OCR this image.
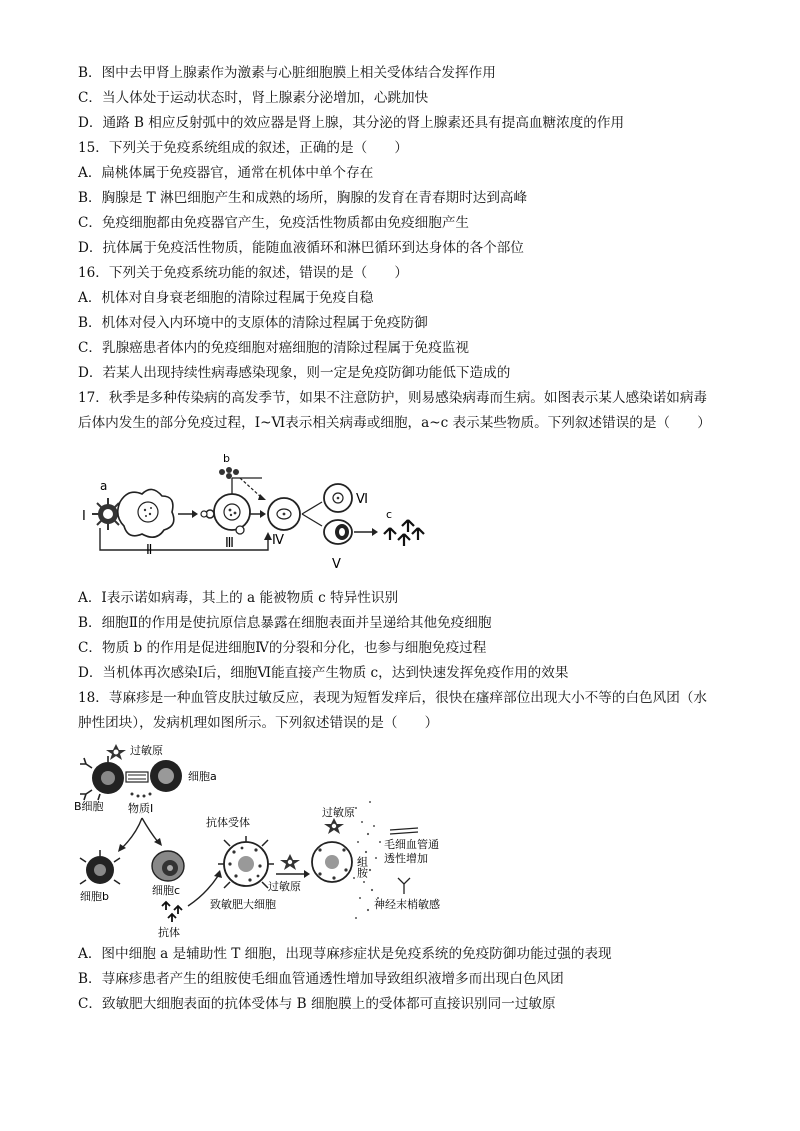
B．图中去甲肾上腺素作为激素与心脏细胞膜上相关受体结合发挥作用
C．当人体处于运动状态时，肾上腺素分泌增加，心跳加快
D．通路 B 相应反射弧中的效应器是肾上腺，其分泌的肾上腺素还具有提高血糖浓度的作用
15．下列关于免疫系统组成的叙述，正确的是（　　）
A．扁桃体属于免疫器官，通常在机体中单个存在
B．胸腺是 T 淋巴细胞产生和成熟的场所，胸腺的发育在青春期时达到高峰
C．免疫细胞都由免疫器官产生，免疫活性物质都由免疫细胞产生
D．抗体属于免疫活性物质，能随血液循环和淋巴循环到达身体的各个部位
16．下列关于免疫系统功能的叙述，错误的是（　　）
A．机体对自身衰老细胞的清除过程属于免疫自稳
B．机体对侵入内环境中的支原体的清除过程属于免疫防御
C．乳腺癌患者体内的免疫细胞对癌细胞的清除过程属于免疫监视
D．若某人出现持续性病毒感染现象，则一定是免疫防御功能低下造成的
17．秋季是多种传染病的高发季节，如果不注意防护，则易感染病毒而生病。如图表示某人感染诺如病毒
后体内发生的部分免疫过程，Ⅰ~Ⅵ表示相关病毒或细胞，a~c 表示某些物质。下列叙述错误的是（　　）
Ⅰ
a
Ⅲ
b
Ⅳ
Ⅱ
Ⅵ
Ⅴ
c
A．Ⅰ表示诺如病毒，其上的 a 能被物质 c 特异性识别
B．细胞Ⅱ的作用是使抗原信息暴露在细胞表面并呈递给其他免疫细胞
C．物质 b 的作用是促进细胞Ⅳ的分裂和分化，也参与细胞免疫过程
D．当机体再次感染Ⅰ后，细胞Ⅵ能直接产生物质 c，达到快速发挥免疫作用的效果
18．荨麻疹是一种血管皮肤过敏反应，表现为短暂发痒后，很快在瘙痒部位出现大小不等的白色风团（水
肿性团块），发病机理如图所示。下列叙述错误的是（　　）
过敏原
B细胞
细胞a
物质Ⅰ
细胞b	细胞c
抗体
抗体受体
致敏肥大细胞
过敏原
过敏原
组胺
毛细血管通
透性增加
神经末梢敏感
A．图中细胞 a 是辅助性 T 细胞，出现荨麻疹症状是免疫系统的免疫防御功能过强的表现
B．荨麻疹患者产生的组胺使毛细血管通透性增加导致组织液增多而出现白色风团
C．致敏肥大细胞表面的抗体受体与 B 细胞膜上的受体都可直接识别同一过敏原
